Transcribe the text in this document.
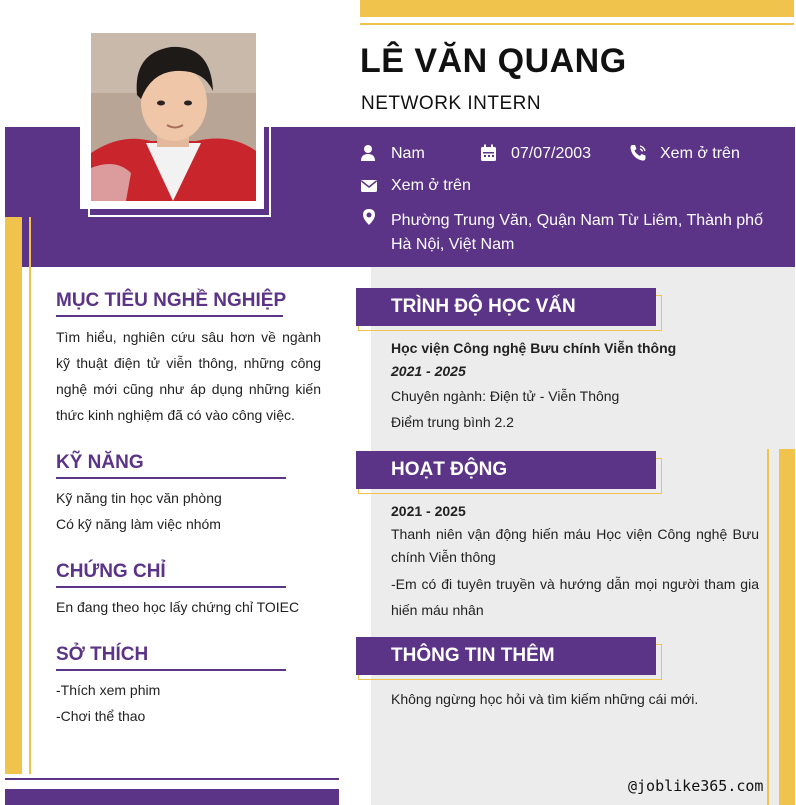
LÊ VĂN QUANG
NETWORK INTERN
Nam	07/07/2003	Xem ở trên
Xem ở trên
Phường Trung Văn, Quận Nam Từ Liêm, Thành phố Hà Nội, Việt Nam
MỤC TIÊU NGHỀ NGHIỆP
Tìm hiểu, nghiên cứu sâu hơn về ngành kỹ thuật điện tử viễn thông, những công nghệ mới cũng như áp dụng những kiến thức kinh nghiệm đã có vào công việc.
KỸ NĂNG
Kỹ năng tin học văn phòng
Có kỹ năng làm việc nhóm
CHỨNG CHỈ
En đang theo học lấy chứng chỉ TOIEC
SỞ THÍCH
-Thích xem phim
-Chơi thể thao
TRÌNH ĐỘ HỌC VẤN
Học viện Công nghệ Bưu chính Viễn thông
2021 - 2025
Chuyên ngành: Điện tử - Viễn Thông
Điểm trung bình 2.2
HOẠT ĐỘNG
2021 - 2025
Thanh niên vận động hiến máu Học viện Công nghệ Bưu chính Viễn thông
-Em có đi tuyên truyền và hướng dẫn mọi người tham gia hiến máu nhân
THÔNG TIN THÊM
Không ngừng học hỏi và tìm kiếm những cái mới.
@joblike365.com
